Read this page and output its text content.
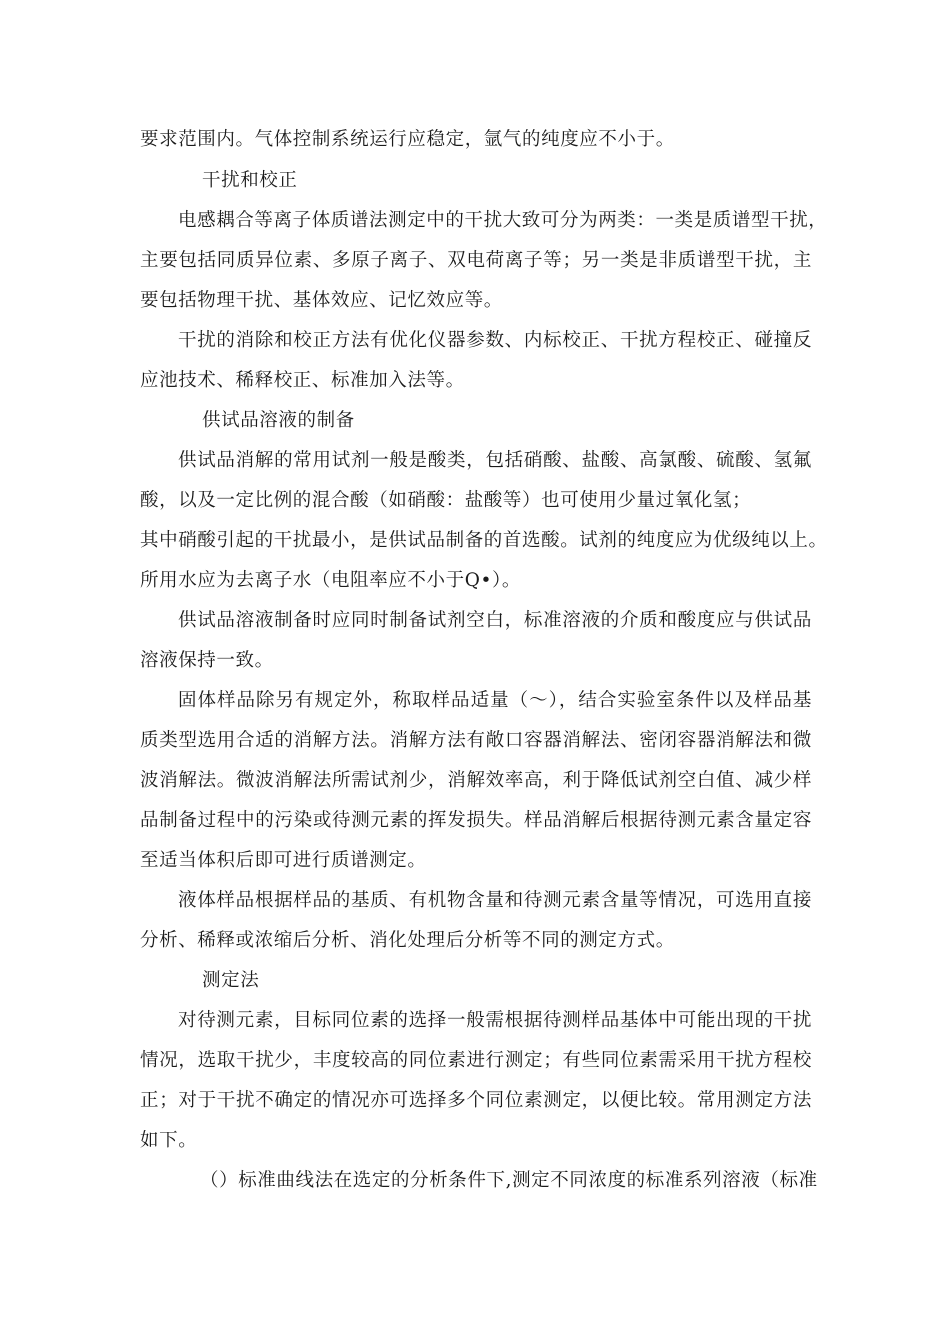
要求范围内。气体控制系统运行应稳定，氩气的纯度应不小于。
干扰和校正
电感耦合等离子体质谱法测定中的干扰大致可分为两类：一类是质谱型干扰，
主要包括同质异位素、多原子离子、双电荷离子等；另一类是非质谱型干扰，主
要包括物理干扰、基体效应、记忆效应等。
干扰的消除和校正方法有优化仪器参数、内标校正、干扰方程校正、碰撞反
应池技术、稀释校正、标准加入法等。
供试品溶液的制备
供试品消解的常用试剂一般是酸类，包括硝酸、盐酸、高氯酸、硫酸、氢氟
酸，以及一定比例的混合酸（如硝酸：盐酸等）也可使用少量过氧化氢；
其中硝酸引起的干扰最小，是供试品制备的首选酸。试剂的纯度应为优级纯以上。
所用水应为去离子水（电阻率应不小于Q•）。
供试品溶液制备时应同时制备试剂空白，标准溶液的介质和酸度应与供试品
溶液保持一致。
固体样品除另有规定外，称取样品适量（〜），结合实验室条件以及样品基
质类型选用合适的消解方法。消解方法有敞口容器消解法、密闭容器消解法和微
波消解法。微波消解法所需试剂少，消解效率高，利于降低试剂空白值、减少样
品制备过程中的污染或待测元素的挥发损失。样品消解后根据待测元素含量定容
至适当体积后即可进行质谱测定。
液体样品根据样品的基质、有机物含量和待测元素含量等情况，可选用直接
分析、稀释或浓缩后分析、消化处理后分析等不同的测定方式。
测定法
对待测元素，目标同位素的选择一般需根据待测样品基体中可能出现的干扰
情况，选取干扰少，丰度较高的同位素进行测定；有些同位素需采用干扰方程校
正；对于干扰不确定的情况亦可选择多个同位素测定，以便比较。常用测定方法
如下。
（）标准曲线法在选定的分析条件下,测定不同浓度的标准系列溶液（标准
